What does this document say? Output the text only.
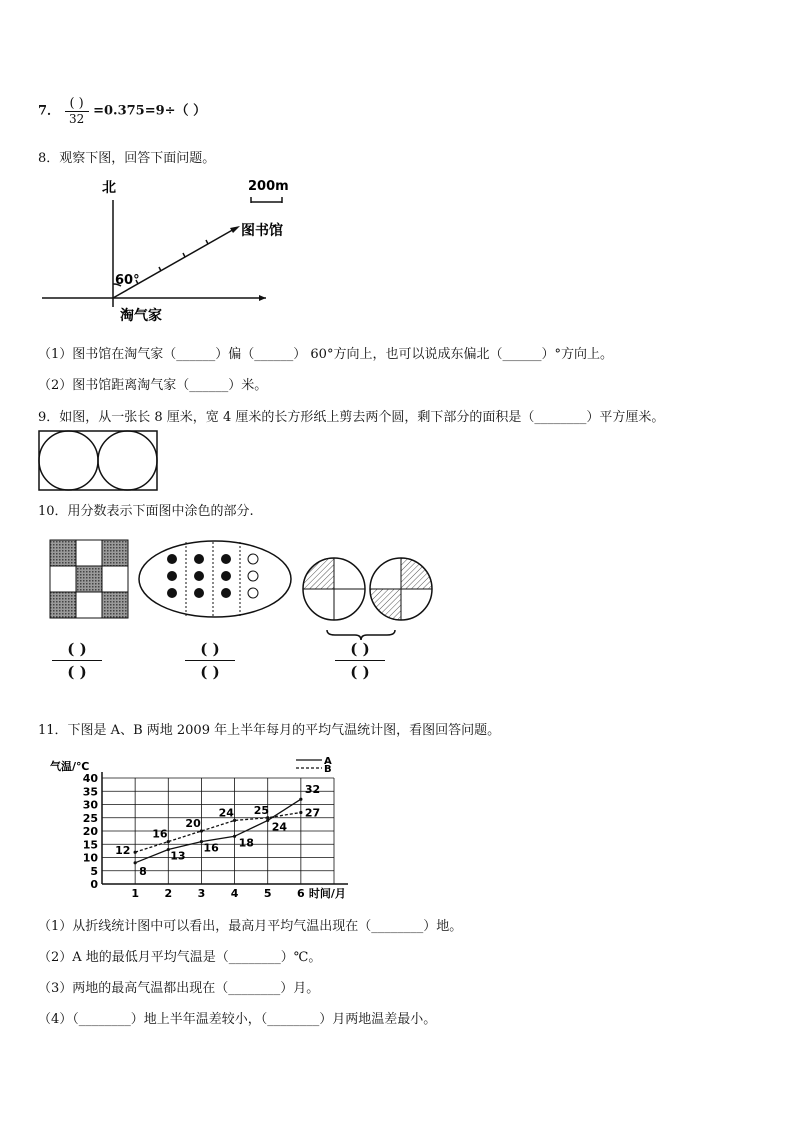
7． ( )
32
=0.375=9÷（ ）
8．观察下图，回答下面问题。
北	200m
图书馆
60°
淘气家
（1）图书馆在淘气家（______）偏（______） 60°方向上，也可以说成东偏北（______）°方向上。
（2）图书馆距离淘气家（______）米。
9．如图，从一张长 8 厘米，宽 4 厘米的长方形纸上剪去两个圆，剩下部分的面积是（________）平方厘米。
10．用分数表示下面图中涂色的部分.
( )
( )
( )
( )
( )
( )
11．下图是 A、B 两地 2009 年上半年每月的平均气温统计图，看图回答问题。
0
5
10
15
20
25
30
35
40
1 2 3 4 5 6
气温/℃
时间/月
8
13
16 18
24
32
12
16
20
24 25	27
A
B
（1）从折线统计图中可以看出，最高月平均气温出现在（________）地。
（2）A 地的最低月平均气温是（________）℃。
（3）两地的最高气温都出现在（________）月。
（4）（________）地上半年温差较小，（________）月两地温差最小。
